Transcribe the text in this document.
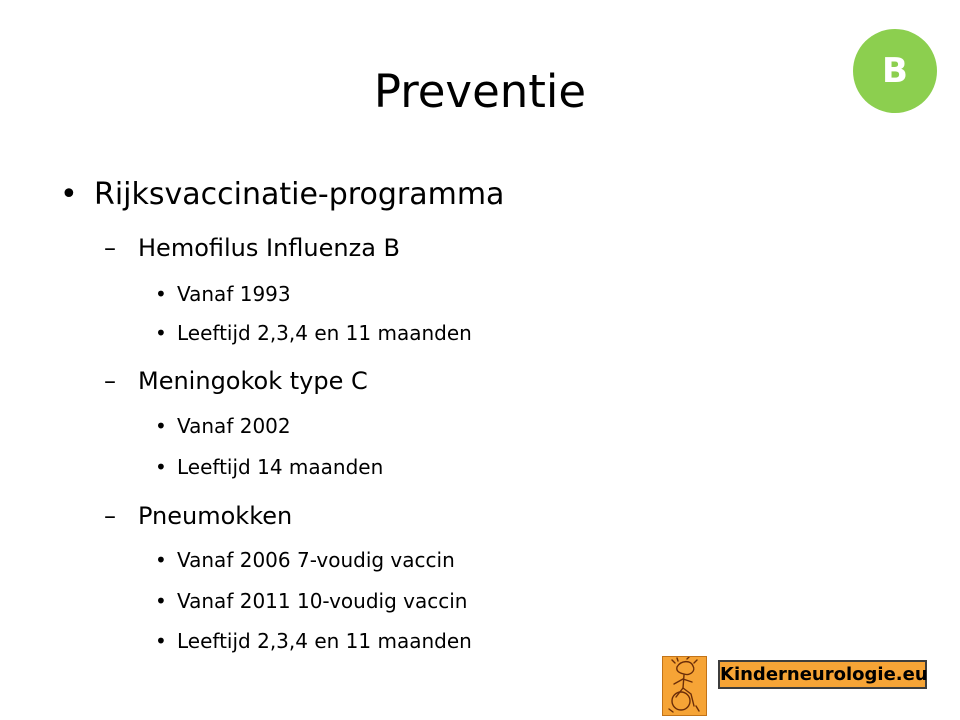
Preventie	B
• Rijksvaccinatie-programma
– Hemofilus Influenza B
• Vanaf 1993
• Leeftijd 2,3,4 en 11 maanden
– Meningokok type C
• Vanaf 2002
• Leeftijd 14 maanden
– Pneumokken
• Vanaf 2006 7-voudig vaccin
• Vanaf 2011 10-voudig vaccin
• Leeftijd 2,3,4 en 11 maanden
Kinderneurologie.eu
